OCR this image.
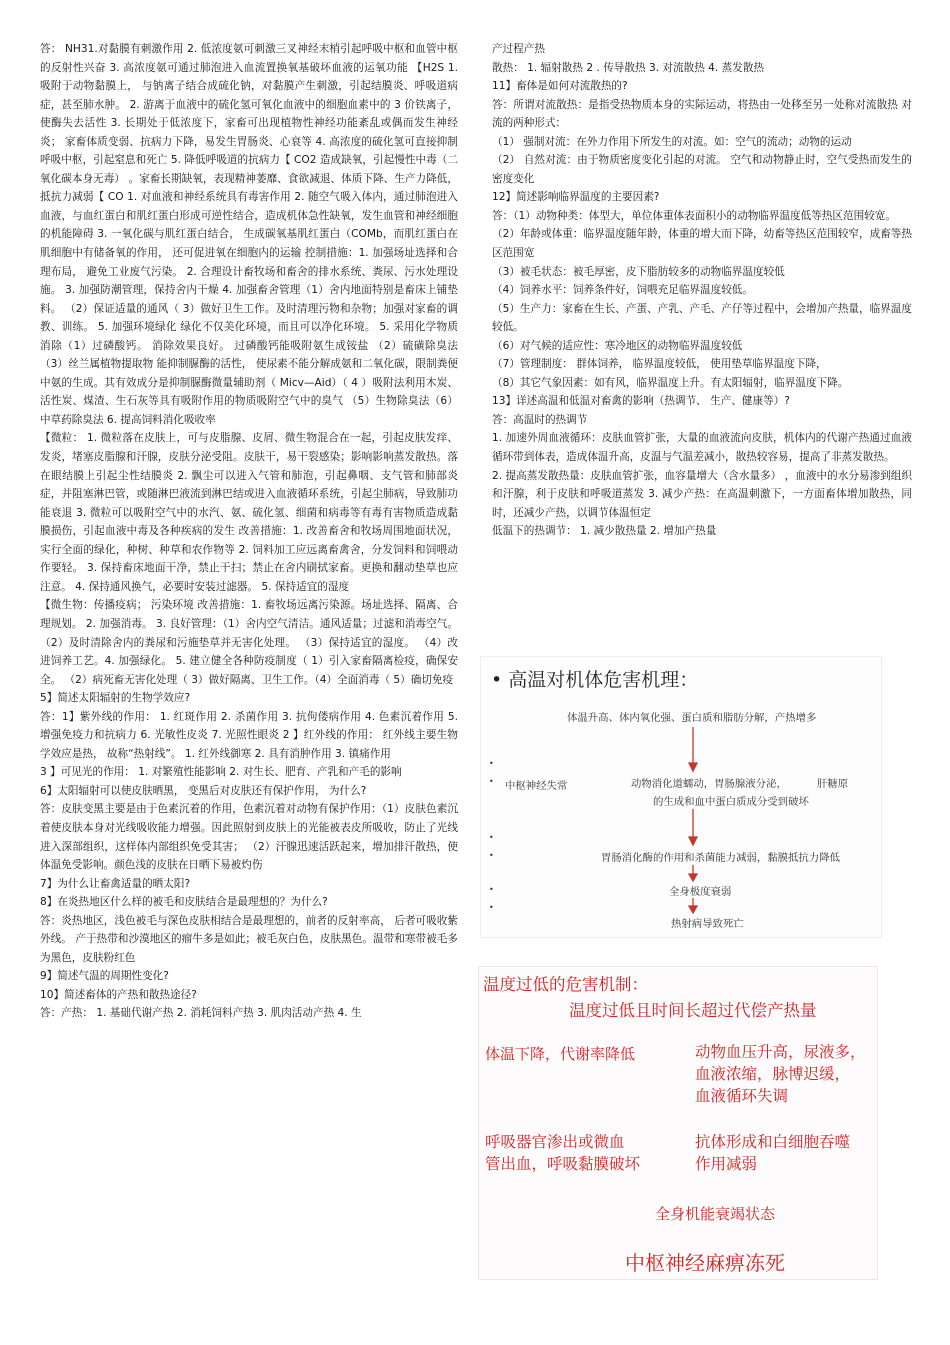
答： NH31.对黏膜有刺激作用 2. 低浓度氨可刺激三叉神经末梢引起呼吸中枢和血管中枢的反射性兴奋 3. 高浓度氨可通过肺泡进入血流置换氧基破坏血液的运氧功能 【H2S 1. 吸附于动物黏膜上， 与钠离子结合成硫化钠，对黏膜产生刺激，引起结膜炎、呼吸道病症，甚至肺水肿。 2. 游离于血液中的硫化氢可氧化血液中的细胞血素中的 3 价铁离子，使酶失去活性 3. 长期处于低浓度下，家畜可出现植物性神经功能紊乱或偶而发生神经炎； 家畜体质变弱、抗病力下降，易发生胃肠炎、心衰等 4. 高浓度的硫化氢可直接抑制呼吸中枢，引起窒息和死亡 5. 降低呼吸道的抗病力【 CO2 造成缺氧，引起慢性中毒（二氧化碳本身无毒） 。家畜长期缺氧，表现精神萎靡、食欲减退、体质下降、生产力降低，抵抗力减弱【 CO 1. 对血液和神经系统具有毒害作用 2. 随空气吸入体内，通过肺泡进入血液，与血红蛋白和肌红蛋白形成可逆性结合，造成机体急性缺氧，发生血管和神经细胞的机能障碍 3. 一氧化碳与肌红蛋白结合， 生成碳氧基肌红蛋白（COMb，而肌红蛋白在肌细胞中有储备氧的作用， 还可促进氧在细胞内的运输 控制措施：1. 加强场址选择和合理布局， 避免工业废气污染。 2. 合理设计畜牧场和畜舍的排水系统、粪尿、污水处理设施。 3. 加强防潮管理，保持舍内干燥 4. 加强畜舍管理（1）舍内地面特别是畜床上铺垫料。 （2）保证适量的通风（ 3）做好卫生工作。及时清理污物和杂物；加强对家畜的调教、训练。 5. 加强环境绿化 绿化不仅美化环境，而且可以净化环境。 5. 采用化学物质消除（1）过磷酸钙。 消除效果良好。 过磷酸钙能吸附氨生成铵盐 （2）硫磺除臭法 （3）丝兰属植物提取物 能抑制脲酶的活性， 使尿素不能分解成氨和二氧化碳，限制粪便中氨的生成。其有效成分是抑制脲酶微量辅助剂（ Micv—Aid）（ 4 ）吸附法利用木炭、活性炭、煤渣、生石灰等具有吸附作用的物质吸附空气中的臭气 （5）生物除臭法（6）中草药除臭法 6. 提高饲料消化吸收率

【微粒： 1. 微粒落在皮肤上，可与皮脂腺、皮屑、微生物混合在一起，引起皮肤发痒、发炎，堵塞皮脂腺和汗腺，皮肤分泌受阻。皮肤干，易干裂感染；影响影响蒸发散热。落在眼结膜上引起尘性结膜炎 2. 飘尘可以进入气管和肺泡，引起鼻咽、支气管和肺部炎症，并阻塞淋巴管，或随淋巴液流到淋巴结或进入血液循环系统，引起尘肺病，导致肺功能衰退 3. 微粒可以吸附空气中的水汽、氨、硫化氢、细菌和病毒等有毒有害物质造成黏膜损伤，引起血液中毒及各种疾病的发生 改善措施：1. 改善畜舍和牧场周围地面状况， 实行全面的绿化，种树、种草和农作物等 2. 饲料加工应远离畜禽舍，分发饲料和饲喂动作要轻。 3. 保持畜床地面干净，禁止干扫；禁止在舍内刷拭家畜。更换和翻动垫草也应注意。 4. 保持通风换气，必要时安装过滤器。 5. 保持适宜的湿度

【微生物：传播疫病； 污染环境 改善措施：1. 畜牧场远离污染源。场址选择、隔离、合理规划。 2. 加强消毒。 3. 良好管理：（1）舍内空气清洁。通风适量；过滤和消毒空气。 （2）及时清除舍内的粪尿和污施垫草并无害化处理。 （3）保持适宜的湿度。 （4）改进饲养工艺。4. 加强绿化。 5. 建立健全各种防疫制度（ 1）引入家畜隔离检疫，确保安全。 （2）病死畜无害化处理（ 3）做好隔离、卫生工作。（4）全面消毒（ 5）确切免疫

5】简述太阳辐射的生物学效应?

答：1】紫外线的作用： 1. 红斑作用 2. 杀菌作用 3. 抗佝偻病作用 4. 色素沉着作用 5. 增强免疫力和抗病力 6. 光敏性皮炎 7. 光照性眼炎 2 】红外线的作用： 红外线主要生物学效应是热， 故称“热射线”。 1. 红外线御寒 2. 具有消肿作用 3. 镇痛作用

3 】可见光的作用： 1. 对繁殖性能影响 2. 对生长、肥育、产乳和产毛的影响

6】太阳辐射可以使皮肤晒黑， 变黑后对皮肤还有保护作用， 为什么?

答：皮肤变黑主要是由于色素沉着的作用，色素沉着对动物有保护作用：（1）皮肤色素沉着使皮肤本身对光线吸收能力增强。因此照射到皮肤上的光能被表皮所吸收，防止了光线进入深部组织，这样体内部组织免受其害； （2）汗腺迅速活跃起来，增加排汗散热，使体温免受影响。颜色浅的皮肤在日晒下易被灼伤

7】为什么让畜禽适量的晒太阳?

8】在炎热地区什么样的被毛和皮肤结合是最理想的？为什么?

答：炎热地区，浅色被毛与深色皮肤相结合是最理想的，前者的反射率高， 后者可吸收紫外线。 产于热带和沙漠地区的瘤牛多是如此；被毛灰白色，皮肤黑色。温带和寒带被毛多为黑色，皮肤粉红色

9】简述气温的周期性变化?

10】简述畜体的产热和散热途径?

答：产热： 1. 基础代谢产热 2. 消耗饲料产热 3. 肌肉活动产热 4. 生

产过程产热

散热： 1. 辐射散热 2 . 传导散热 3. 对流散热 4. 蒸发散热

11】畜体是如何对流散热的?

答：所谓对流散热：是指受热物质本身的实际运动，将热由一处移至另一处称对流散热 对流的两种形式：

（1） 强制对流：在外力作用下所发生的对流。如：空气的流动；动物的运动

（2） 自然对流：由于物质密度变化引起的对流。 空气和动物静止时，空气受热而发生的密度变化

12】简述影响临界温度的主要因素?

答：（1）动物种类：体型大，单位体重体表面积小的动物临界温度低等热区范围较宽。

（2）年龄或体重：临界温度随年龄，体重的增大而下降，幼畜等热区范围较窄，成畜等热区范围宽

（3）被毛状态：被毛厚密，皮下脂肪较多的动物临界温度较低

（4）饲养水平：饲养条件好，饲喂充足临界温度较低。

（5）生产力：家畜在生长、产蛋、产乳、产毛、产仔等过程中，会增加产热量，临界温度较低。

（6）对气候的适应性：寒冷地区的动物临界温度较低

（7）管理制度： 群体饲养， 临界温度较低， 使用垫草临界温度下降，

（8）其它气象因素：如有风，临界温度上升。有太阳辐射，临界温度下降。

13】详述高温和低温对畜禽的影响（热调节、 生产、健康等）?

答：高温时的热调节

1. 加速外周血液循环：皮肤血管扩张，大量的血液流向皮肤，机体内的代谢产热通过血液循环带到体表，造成体温升高，皮温与气温差减小，散热较容易，提高了非蒸发散热。

2. 提高蒸发散热量：皮肤血管扩张，血容量增大（含水量多） ，血液中的水分易渗到组织和汗腺，利于皮肤和呼吸道蒸发 3. 减少产热：在高温刺激下，一方面畜体增加散热，同时，还减少产热，以调节体温恒定

低温下的热调节： 1. 减少散热量 2. 增加产热量

• 高温对机体危害机理：
体温升高、体内氧化强、蛋白质和脂肪分解，产热增多
•
• 中枢神经失常	动物消化道蠕动，胃肠腺液分泌，	肝糖原
的生成和血中蛋白质成分受到破坏
•
•	胃肠消化酶的作用和杀菌能力减弱，黏膜抵抗力降低
•	全身极度衰弱
•
热射病导致死亡
温度过低的危害机制：
温度过低且时间长超过代偿产热量
体温下降，代谢率降低	动物血压升高，尿液多，
血液浓缩，脉博迟缓，
血液循环失调
呼吸器官渗出或微血
管出血，呼吸黏膜破坏
抗体形成和白细胞吞噬
作用减弱
全身机能衰竭状态
中枢神经麻痹冻死
